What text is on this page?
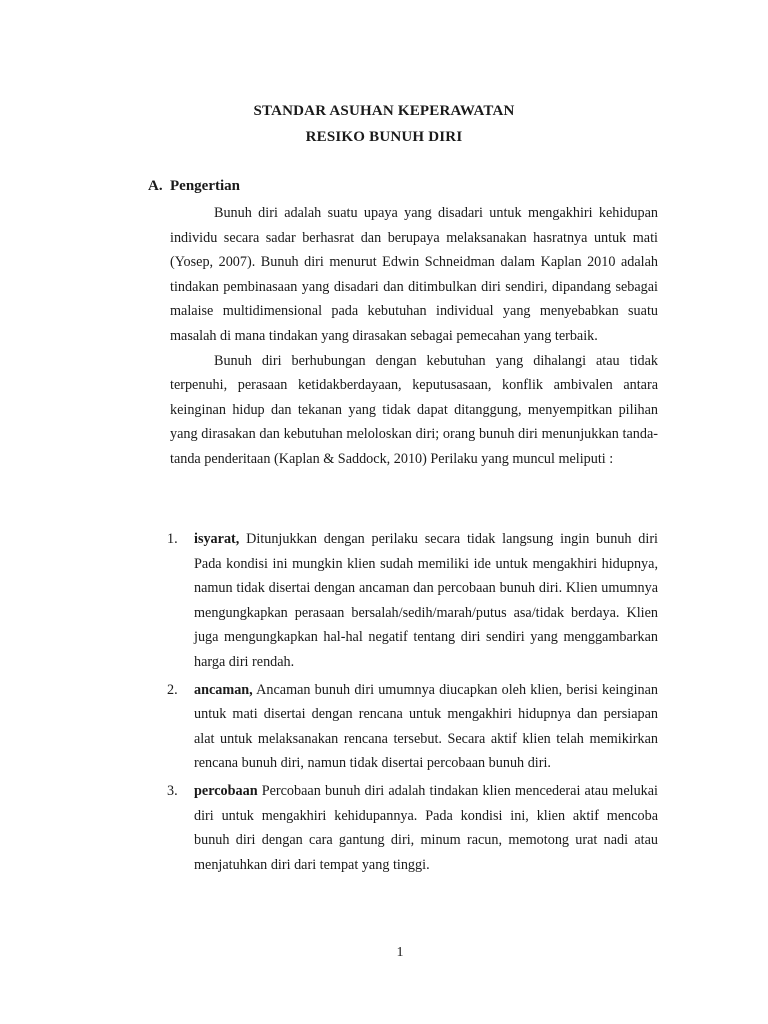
STANDAR ASUHAN KEPERAWATAN
RESIKO BUNUH DIRI
A. Pengertian

Bunuh diri adalah suatu upaya yang disadari untuk mengakhiri kehidupan individu secara sadar berhasrat dan berupaya melaksanakan hasratnya untuk mati (Yosep, 2007). Bunuh diri menurut Edwin Schneidman dalam Kaplan 2010 adalah tindakan pembinasaan yang disadari dan ditimbulkan diri sendiri, dipandang sebagai malaise multidimensional pada kebutuhan individual yang menyebabkan suatu masalah di mana tindakan yang dirasakan sebagai pemecahan yang terbaik.

Bunuh diri berhubungan dengan kebutuhan yang dihalangi atau tidak terpenuhi, perasaan ketidakberdayaan, keputusasaan, konflik ambivalen antara keinginan hidup dan tekanan yang tidak dapat ditanggung, menyempitkan pilihan yang dirasakan dan kebutuhan meloloskan diri; orang bunuh diri menunjukkan tanda-tanda penderitaan (Kaplan & Saddock, 2010) Perilaku yang muncul meliputi :

1. isyarat, Ditunjukkan dengan perilaku secara tidak langsung ingin bunuh diri Pada kondisi ini mungkin klien sudah memiliki ide untuk mengakhiri hidupnya, namun tidak disertai dengan ancaman dan percobaan bunuh diri. Klien umumnya mengungkapkan perasaan bersalah/sedih/marah/putus asa/tidak berdaya. Klien juga mengungkapkan hal-hal negatif tentang diri sendiri yang menggambarkan harga diri rendah.
2. ancaman, Ancaman bunuh diri umumnya diucapkan oleh klien, berisi keinginan untuk mati disertai dengan rencana untuk mengakhiri hidupnya dan persiapan alat untuk melaksanakan rencana tersebut. Secara aktif klien telah memikirkan rencana bunuh diri, namun tidak disertai percobaan bunuh diri.
3. percobaan Percobaan bunuh diri adalah tindakan klien mencederai atau melukai diri untuk mengakhiri kehidupannya. Pada kondisi ini, klien aktif mencoba bunuh diri dengan cara gantung diri, minum racun, memotong urat nadi atau menjatuhkan diri dari tempat yang tinggi.
1
